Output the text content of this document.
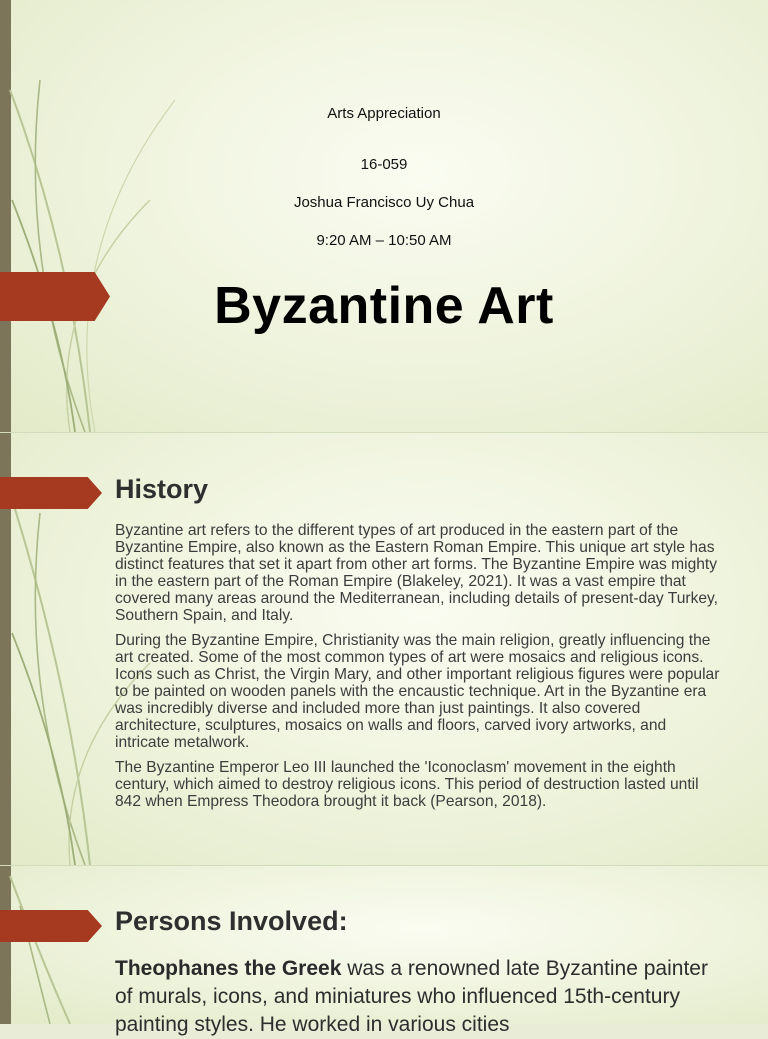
Arts Appreciation
16-059
Joshua Francisco Uy Chua
9:20 AM – 10:50 AM
Byzantine Art
History

Byzantine art refers to the different types of art produced in the eastern part of the Byzantine Empire, also known as the Eastern Roman Empire. This unique art style has distinct features that set it apart from other art forms. The Byzantine Empire was mighty in the eastern part of the Roman Empire (Blakeley, 2021). It was a vast empire that covered many areas around the Mediterranean, including details of present-day Turkey, Southern Spain, and Italy.

During the Byzantine Empire, Christianity was the main religion, greatly influencing the art created. Some of the most common types of art were mosaics and religious icons. Icons such as Christ, the Virgin Mary, and other important religious figures were popular to be painted on wooden panels with the encaustic technique. Art in the Byzantine era was incredibly diverse and included more than just paintings. It also covered architecture, sculptures, mosaics on walls and floors, carved ivory artworks, and intricate metalwork.

The Byzantine Emperor Leo III launched the 'Iconoclasm' movement in the eighth century, which aimed to destroy religious icons. This period of destruction lasted until 842 when Empress Theodora brought it back (Pearson, 2018).

Persons Involved:
Theophanes the Greek was a renowned late Byzantine painter of murals, icons, and miniatures who influenced 15th-century painting styles. He worked in various cities
